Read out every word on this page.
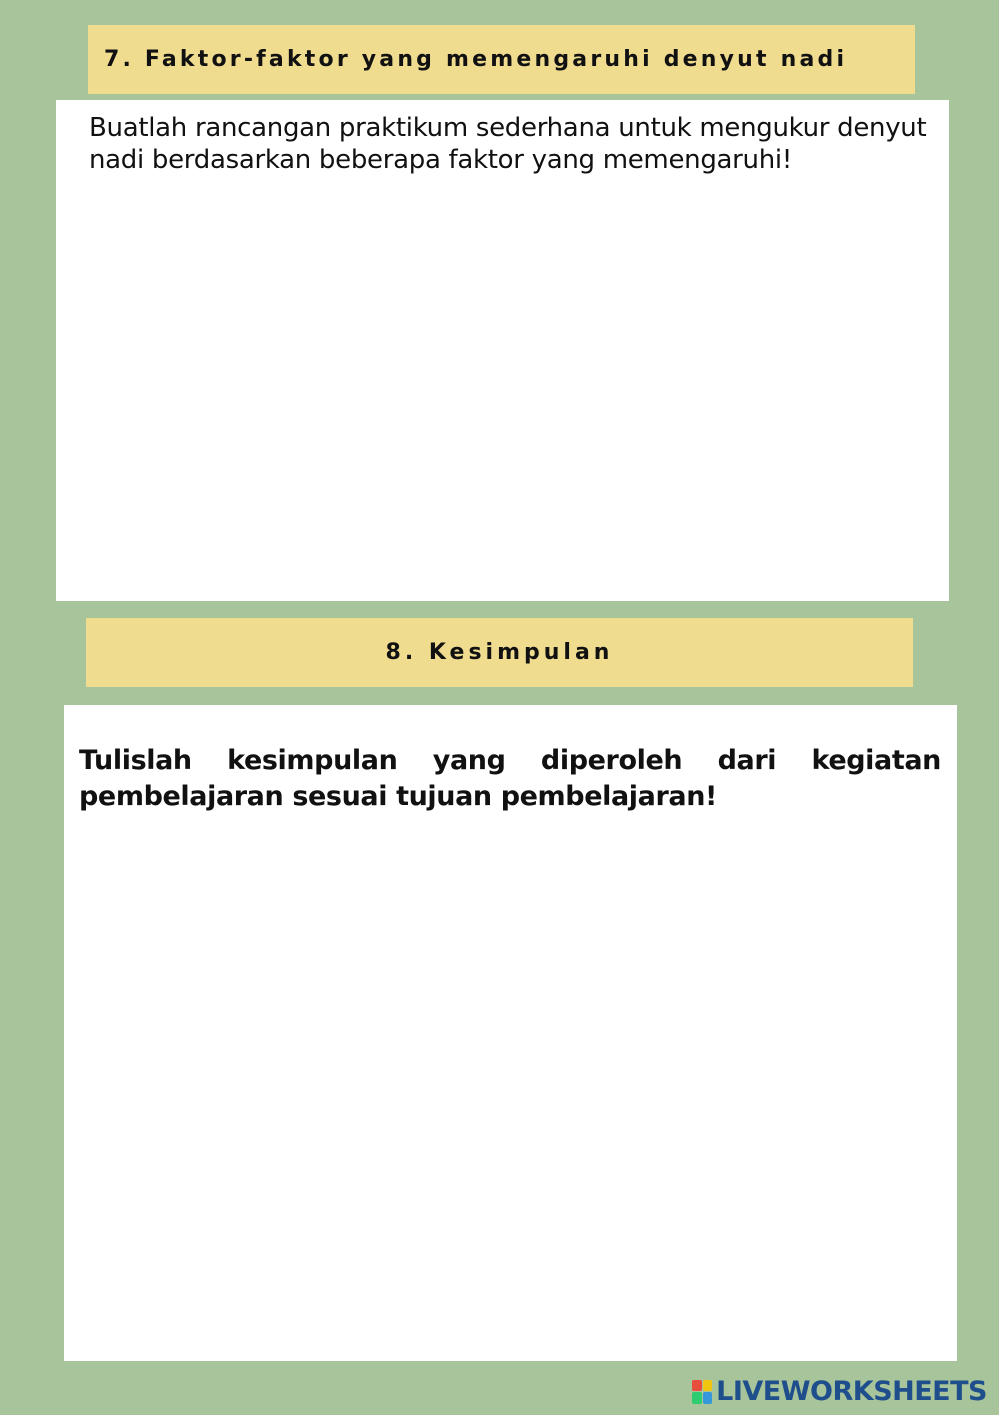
7. Faktor-faktor yang memengaruhi denyut nadi
Buatlah rancangan praktikum sederhana untuk mengukur denyut nadi berdasarkan beberapa faktor yang memengaruhi!
8. Kesimpulan
Tulislah kesimpulan yang diperoleh dari kegiatan pembelajaran sesuai tujuan pembelajaran!
LIVEWORKSHEETS
